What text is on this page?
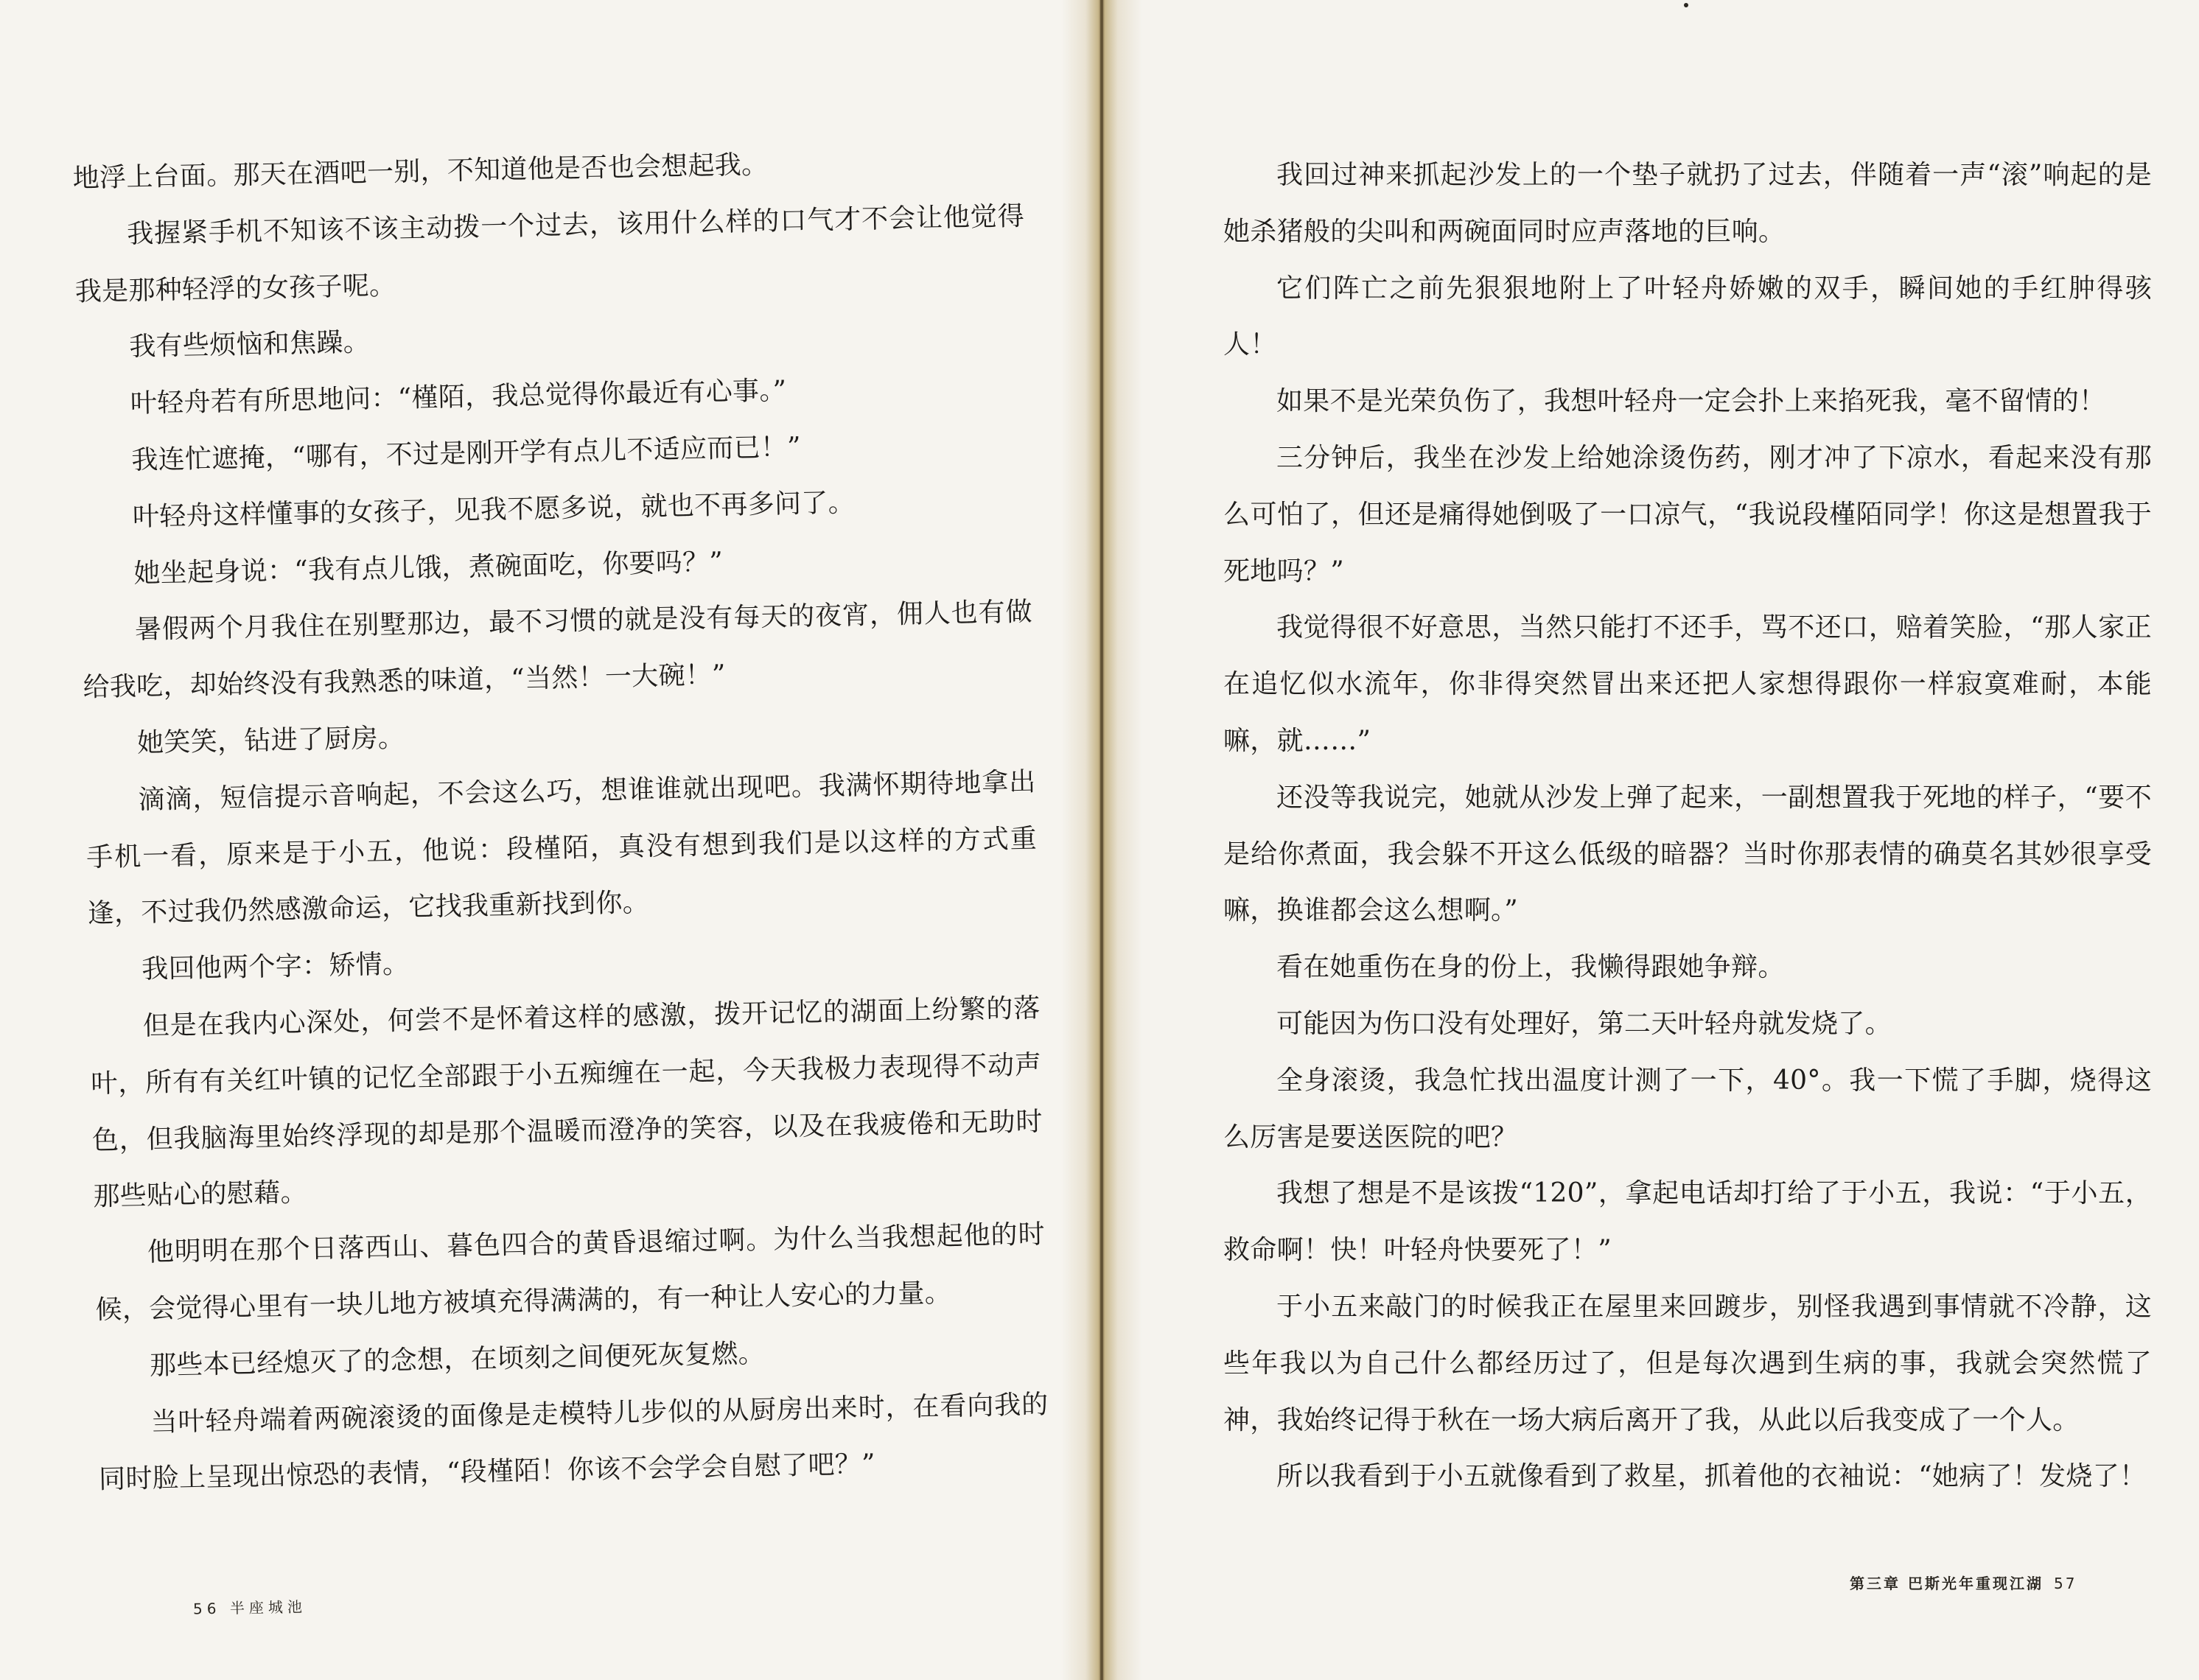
地浮上台面。那天在酒吧一别，不知道他是否也会想起我。

我握紧手机不知该不该主动拨一个过去，该用什么样的口气才不会让他觉得我是那种轻浮的女孩子呢。

我有些烦恼和焦躁。

叶轻舟若有所思地问：“槿陌，我总觉得你最近有心事。”

我连忙遮掩，“哪有，不过是刚开学有点儿不适应而已！”

叶轻舟这样懂事的女孩子，见我不愿多说，就也不再多问了。

她坐起身说：“我有点儿饿，煮碗面吃，你要吗？”

暑假两个月我住在别墅那边，最不习惯的就是没有每天的夜宵，佣人也有做给我吃，却始终没有我熟悉的味道，“当然！一大碗！”

她笑笑，钻进了厨房。

滴滴，短信提示音响起，不会这么巧，想谁谁就出现吧。我满怀期待地拿出手机一看，原来是于小五，他说：段槿陌，真没有想到我们是以这样的方式重逢，不过我仍然感激命运，它找我重新找到你。

我回他两个字：矫情。

但是在我内心深处，何尝不是怀着这样的感激，拨开记忆的湖面上纷繁的落叶，所有有关红叶镇的记忆全部跟于小五痴缠在一起，今天我极力表现得不动声色，但我脑海里始终浮现的却是那个温暖而澄净的笑容，以及在我疲倦和无助时那些贴心的慰藉。

他明明在那个日落西山、暮色四合的黄昏退缩过啊。为什么当我想起他的时候，会觉得心里有一块儿地方被填充得满满的，有一种让人安心的力量。

那些本已经熄灭了的念想，在顷刻之间便死灰复燃。

当叶轻舟端着两碗滚烫的面像是走模特儿步似的从厨房出来时，在看向我的同时脸上呈现出惊恐的表情，“段槿陌！你该不会学会自慰了吧？”

56 半座城池

我回过神来抓起沙发上的一个垫子就扔了过去，伴随着一声“滚”响起的是她杀猪般的尖叫和两碗面同时应声落地的巨响。

它们阵亡之前先狠狠地附上了叶轻舟娇嫩的双手，瞬间她的手红肿得骇人！

如果不是光荣负伤了，我想叶轻舟一定会扑上来掐死我，毫不留情的！

三分钟后，我坐在沙发上给她涂烫伤药，刚才冲了下凉水，看起来没有那么可怕了，但还是痛得她倒吸了一口凉气，“我说段槿陌同学！你这是想置我于死地吗？”

我觉得很不好意思，当然只能打不还手，骂不还口，赔着笑脸，“那人家正在追忆似水流年，你非得突然冒出来还把人家想得跟你一样寂寞难耐，本能嘛，就……”

还没等我说完，她就从沙发上弹了起来，一副想置我于死地的样子，“要不是给你煮面，我会躲不开这么低级的暗器？当时你那表情的确莫名其妙很享受嘛，换谁都会这么想啊。”

看在她重伤在身的份上，我懒得跟她争辩。

可能因为伤口没有处理好，第二天叶轻舟就发烧了。

全身滚烫，我急忙找出温度计测了一下，40°。我一下慌了手脚，烧得这么厉害是要送医院的吧？

我想了想是不是该拨“120”，拿起电话却打给了于小五，我说：“于小五，救命啊！快！叶轻舟快要死了！”

于小五来敲门的时候我正在屋里来回踱步，别怪我遇到事情就不冷静，这些年我以为自己什么都经历过了，但是每次遇到生病的事，我就会突然慌了神，我始终记得于秋在一场大病后离开了我，从此以后我变成了一个人。

所以我看到于小五就像看到了救星，抓着他的衣袖说：“她病了！发烧了！

第三章 巴斯光年重现江湖 57
